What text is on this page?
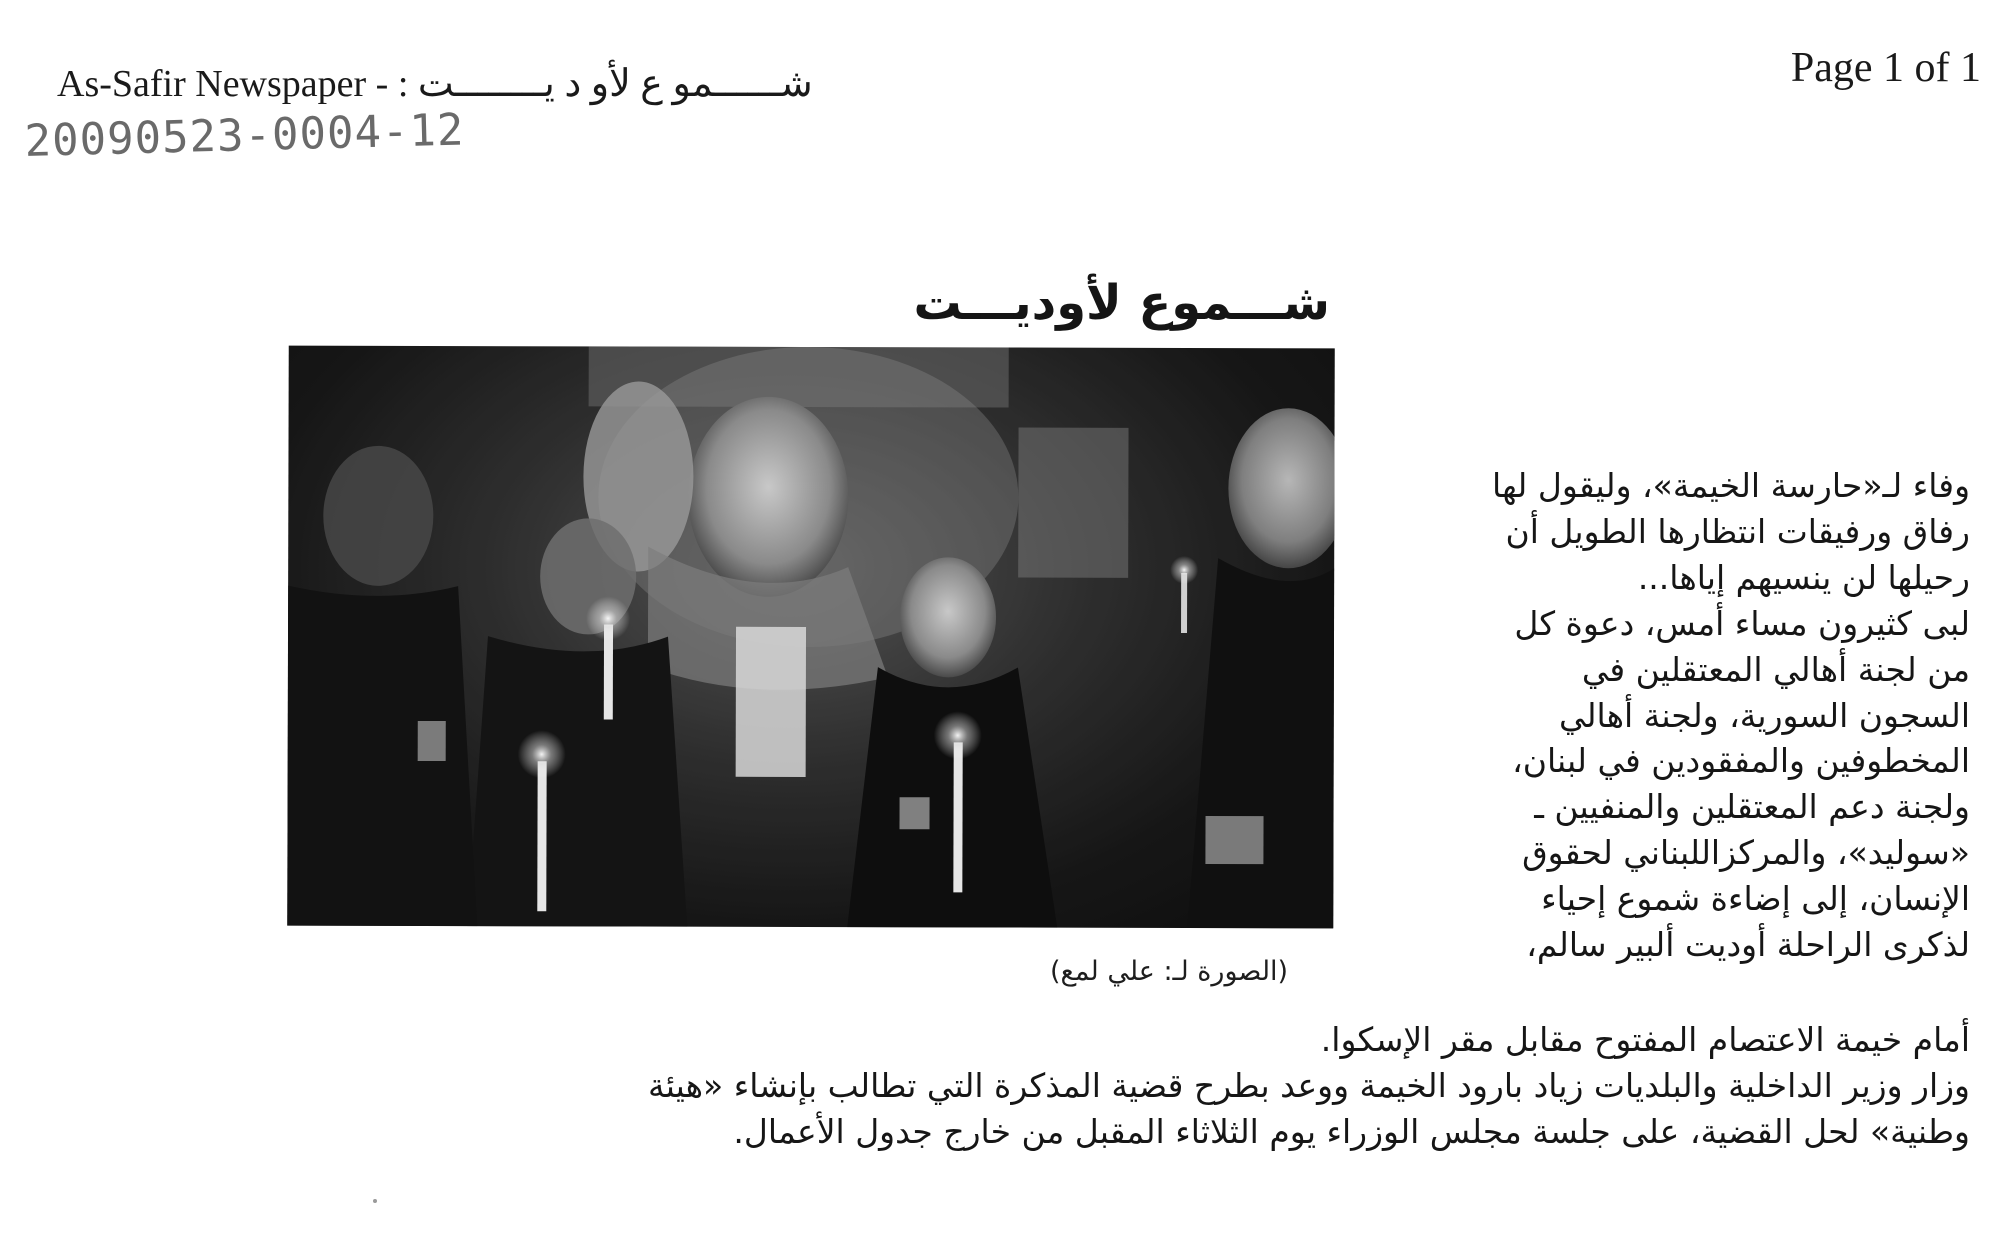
As-Safir Newspaper - : شــــــمو ع لأو د يــــــــت	Page 1 of 1
20090523-0004-12
شـــموع لأوديـــت
(الصورة لـ: علي لمع)
وفاء لـ«حارسة الخيمة»، وليقول لها
رفاق ورفيقات انتظارها الطويل أن
رحيلها لن ينسيهم إياها...
لبى كثيرون مساء أمس، دعوة كل
من لجنة أهالي المعتقلين في
السجون السورية، ولجنة أهالي
المخطوفين والمفقودين في لبنان،
ولجنة دعم المعتقلين والمنفيين ـ
«سوليد»، والمركزاللبناني لحقوق
الإنسان، إلى إضاءة شموع إحياء
لذكرى الراحلة أوديت ألبير سالم،
أمام خيمة الاعتصام المفتوح مقابل مقر الإسكوا.
وزار وزير الداخلية والبلديات زياد بارود الخيمة ووعد بطرح قضية المذكرة التي تطالب بإنشاء «هيئة
وطنية» لحل القضية، على جلسة مجلس الوزراء يوم الثلاثاء المقبل من خارج جدول الأعمال.
